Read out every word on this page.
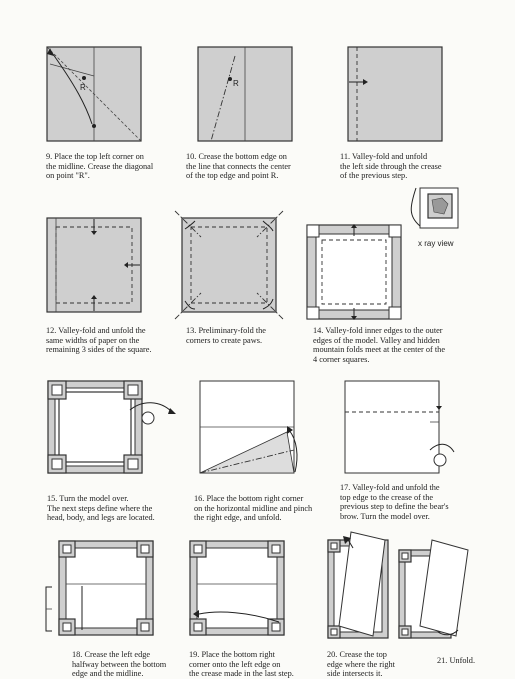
R
9. Place the top left corner on
the midline. Crease the diagonal
on point "R".
R
10. Crease the bottom edge on
the line that connects the center
of the top edge and point R.
11. Valley-fold and unfold
the left side through the crease
of the previous step.
12. Valley-fold and unfold the
same widths of paper on the
remaining 3 sides of the square.
13. Preliminary-fold the
corners to create paws.
x ray view
14. Valley-fold inner edges to the outer
edges of the model. Valley and hidden
mountain folds meet at the center of the
4 corner squares.
15. Turn the model over.
The next steps define where the
head, body, and legs are located.
16. Place the bottom right corner
on the horizontal midline and pinch
the right edge, and unfold.
17. Valley-fold and unfold the
top edge to the crease of the
previous step to define the bear's
brow. Turn the model over.
18. Crease the left edge
halfway between the bottom
edge and the midline.
19. Place the bottom right
corner onto the left edge on
the crease made in the last step.
20. Crease the top
edge where the right
side intersects it.
21. Unfold.
